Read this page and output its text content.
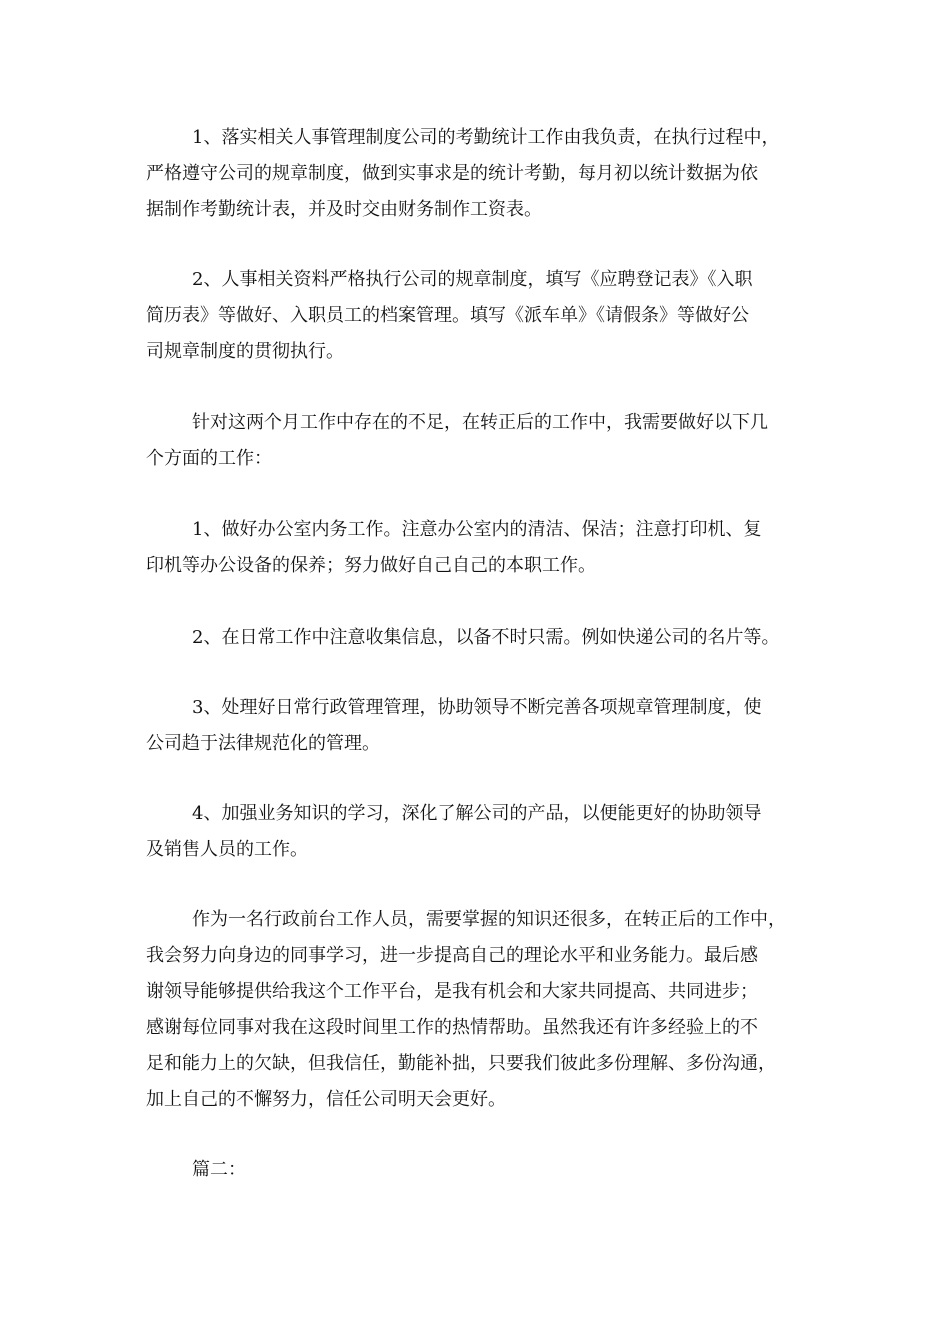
1、落实相关人事管理制度公司的考勤统计工作由我负责，在执行过程中，
严格遵守公司的规章制度，做到实事求是的统计考勤，每月初以统计数据为依
据制作考勤统计表，并及时交由财务制作工资表。
2、人事相关资料严格执行公司的规章制度，填写《应聘登记表》《入职
简历表》等做好、入职员工的档案管理。填写《派车单》《请假条》等做好公
司规章制度的贯彻执行。
针对这两个月工作中存在的不足，在转正后的工作中，我需要做好以下几
个方面的工作：
1、做好办公室内务工作。注意办公室内的清洁、保洁；注意打印机、复
印机等办公设备的保养；努力做好自己自己的本职工作。
2、在日常工作中注意收集信息，以备不时只需。例如快递公司的名片等。
3、处理好日常行政管理管理，协助领导不断完善各项规章管理制度，使
公司趋于法律规范化的管理。
4、加强业务知识的学习，深化了解公司的产品，以便能更好的协助领导
及销售人员的工作。
作为一名行政前台工作人员，需要掌握的知识还很多，在转正后的工作中，
我会努力向身边的同事学习，进一步提高自己的理论水平和业务能力。最后感
谢领导能够提供给我这个工作平台，是我有机会和大家共同提高、共同进步；
感谢每位同事对我在这段时间里工作的热情帮助。虽然我还有许多经验上的不
足和能力上的欠缺，但我信任，勤能补拙，只要我们彼此多份理解、多份沟通，
加上自己的不懈努力，信任公司明天会更好。
篇二：
